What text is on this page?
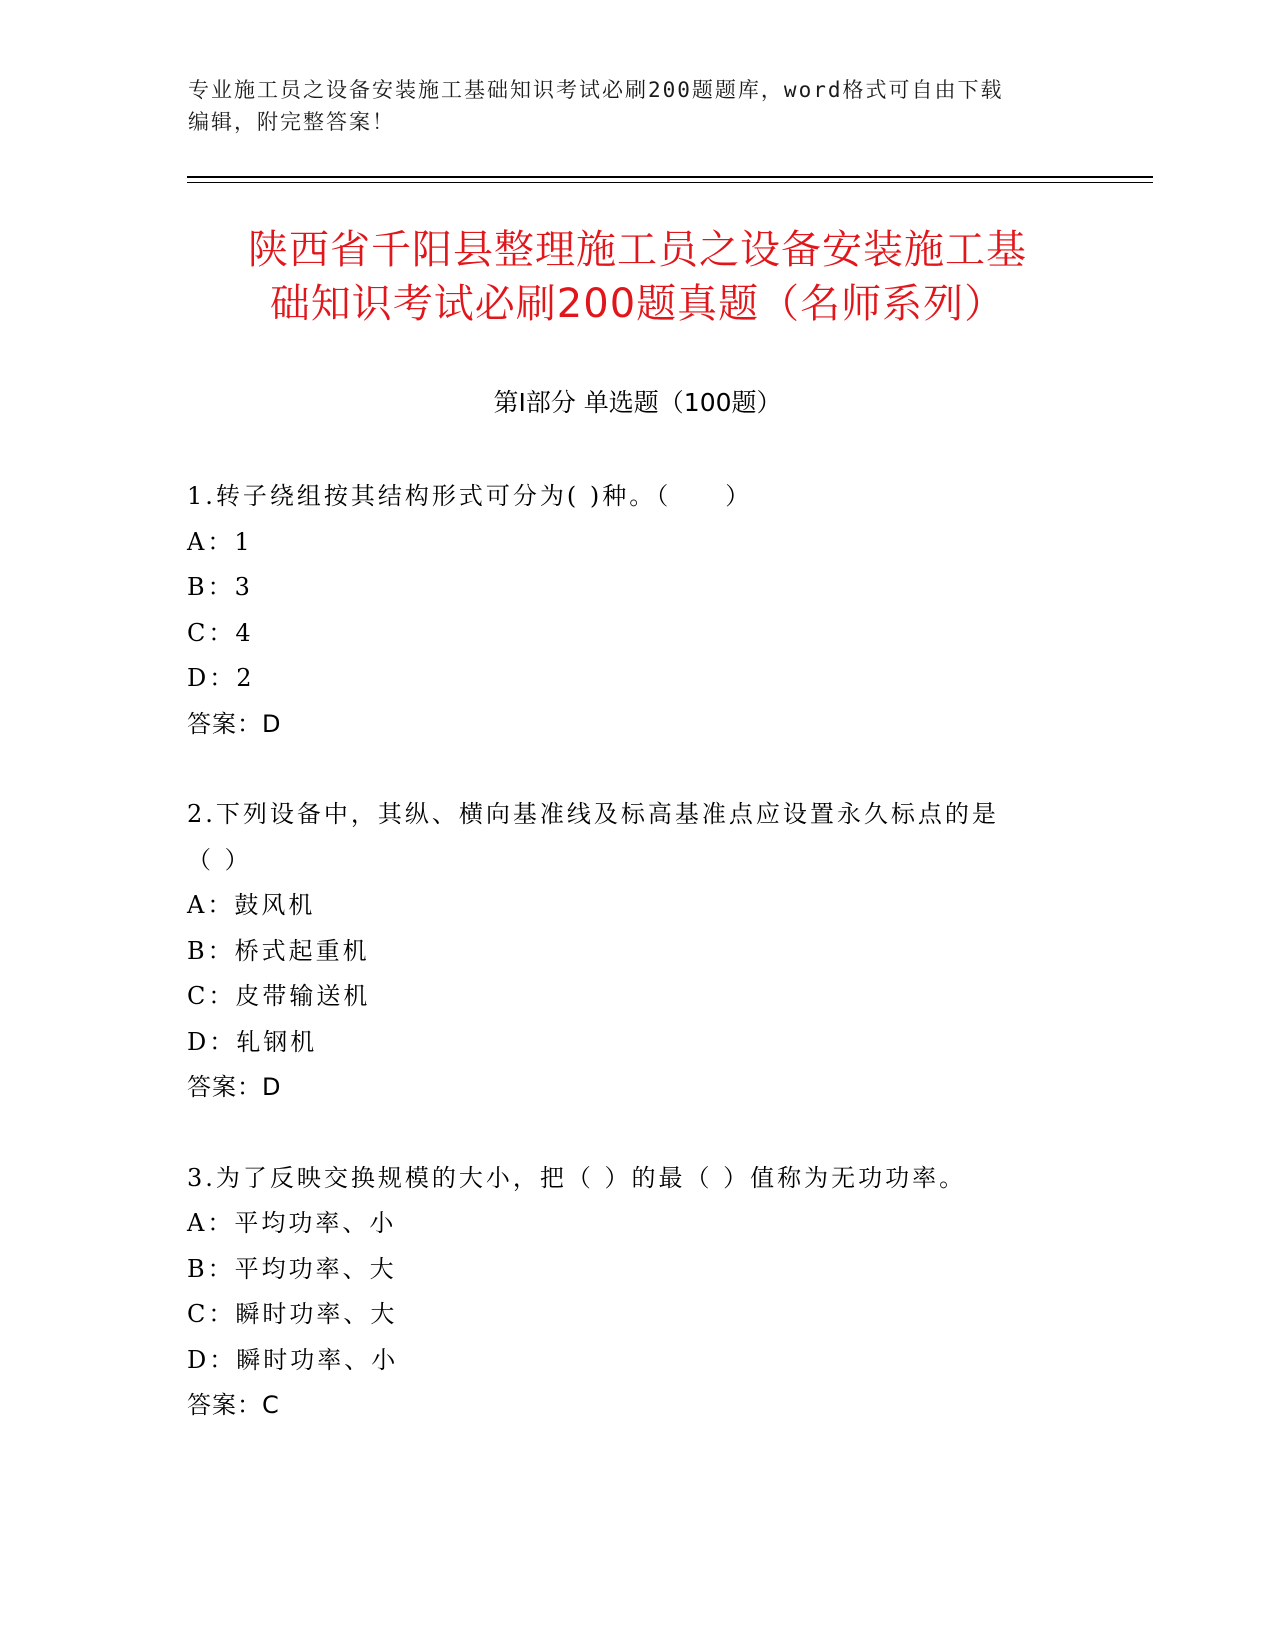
专业施工员之设备安装施工基础知识考试必刷200题题库，word格式可自由下载
编辑，附完整答案！
陕西省千阳县整理施工员之设备安装施工基
础知识考试必刷200题真题（名师系列）
第Ⅰ部分 单选题（100题）
1.转子绕组按其结构形式可分为( )种。（　　）
A：1
B：3
C：4
D：2
答案：D
2.下列设备中，其纵、横向基准线及标高基准点应设置永久标点的是
（ ）
A：鼓风机
B：桥式起重机
C：皮带输送机
D：轧钢机
答案：D
3.为了反映交换规模的大小，把（ ）的最（ ）值称为无功功率。
A：平均功率、小
B：平均功率、大
C：瞬时功率、大
D：瞬时功率、小
答案：C
